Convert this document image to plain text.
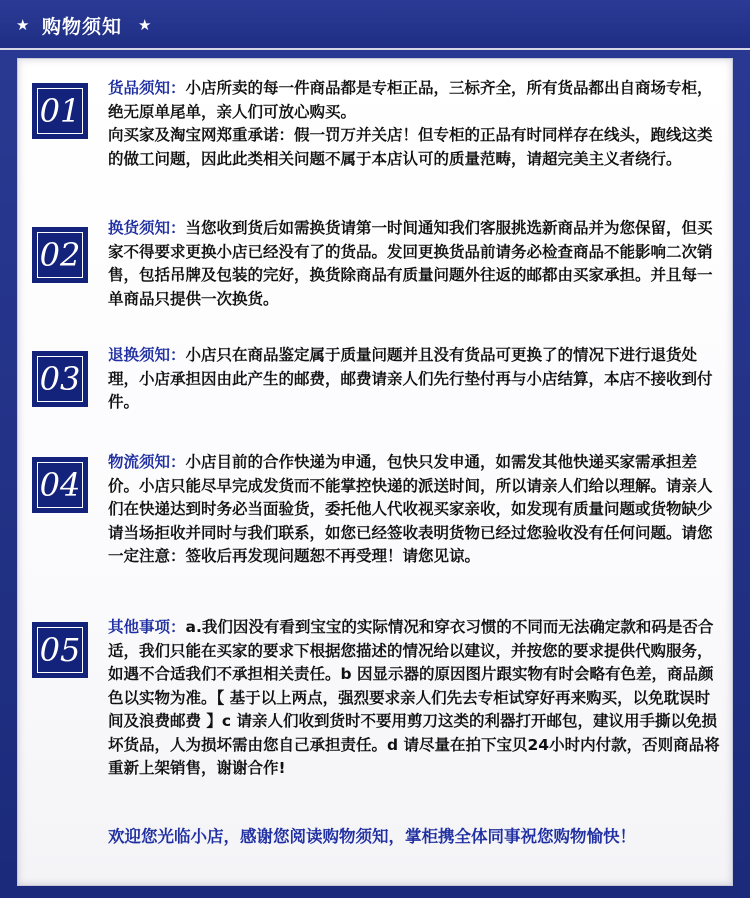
★ 购物须知 ★
01
货品须知：小店所卖的每一件商品都是专柜正品，三标齐全，所有货品都出自商场专柜，绝无原单尾单，亲人们可放心购买。
向买家及淘宝网郑重承诺：假一罚万并关店！但专柜的正品有时同样存在线头，跑线这类的做工问题，因此此类相关问题不属于本店认可的质量范畴，请超完美主义者绕行。
02
换货须知：当您收到货后如需换货请第一时间通知我们客服挑选新商品并为您保留，但买家不得要求更换小店已经没有了的货品。发回更换货品前请务必检查商品不能影响二次销售，包括吊牌及包装的完好，换货除商品有质量问题外往返的邮都由买家承担。并且每一单商品只提供一次换货。
03
退换须知：小店只在商品鉴定属于质量问题并且没有货品可更换了的情况下进行退货处理，小店承担因由此产生的邮费，邮费请亲人们先行垫付再与小店结算，本店不接收到付件。
04
物流须知：小店目前的合作快递为申通，包快只发申通，如需发其他快递买家需承担差价。小店只能尽早完成发货而不能掌控快递的派送时间，所以请亲人们给以理解。请亲人们在快递达到时务必当面验货，委托他人代收视买家亲收，如发现有质量问题或货物缺少请当场拒收并同时与我们联系，如您已经签收表明货物已经过您验收没有任何问题。请您一定注意：签收后再发现问题恕不再受理！请您见谅。
05
其他事项：a.我们因没有看到宝宝的实际情况和穿衣习惯的不同而无法确定款和码是否合适，我们只能在买家的要求下根据您描述的情况给以建议，并按您的要求提供代购服务，如遇不合适我们不承担相关责任。b 因显示器的原因图片跟实物有时会略有色差，商品颜色以实物为准。【 基于以上两点，强烈要求亲人们先去专柜试穿好再来购买，以免耽误时间及浪费邮费 】c 请亲人们收到货时不要用剪刀这类的利器打开邮包，建议用手撕以免损坏货品，人为损坏需由您自己承担责任。d 请尽量在拍下宝贝24小时内付款，否则商品将重新上架销售，谢谢合作!
欢迎您光临小店，感谢您阅读购物须知，掌柜携全体同事祝您购物愉快！
